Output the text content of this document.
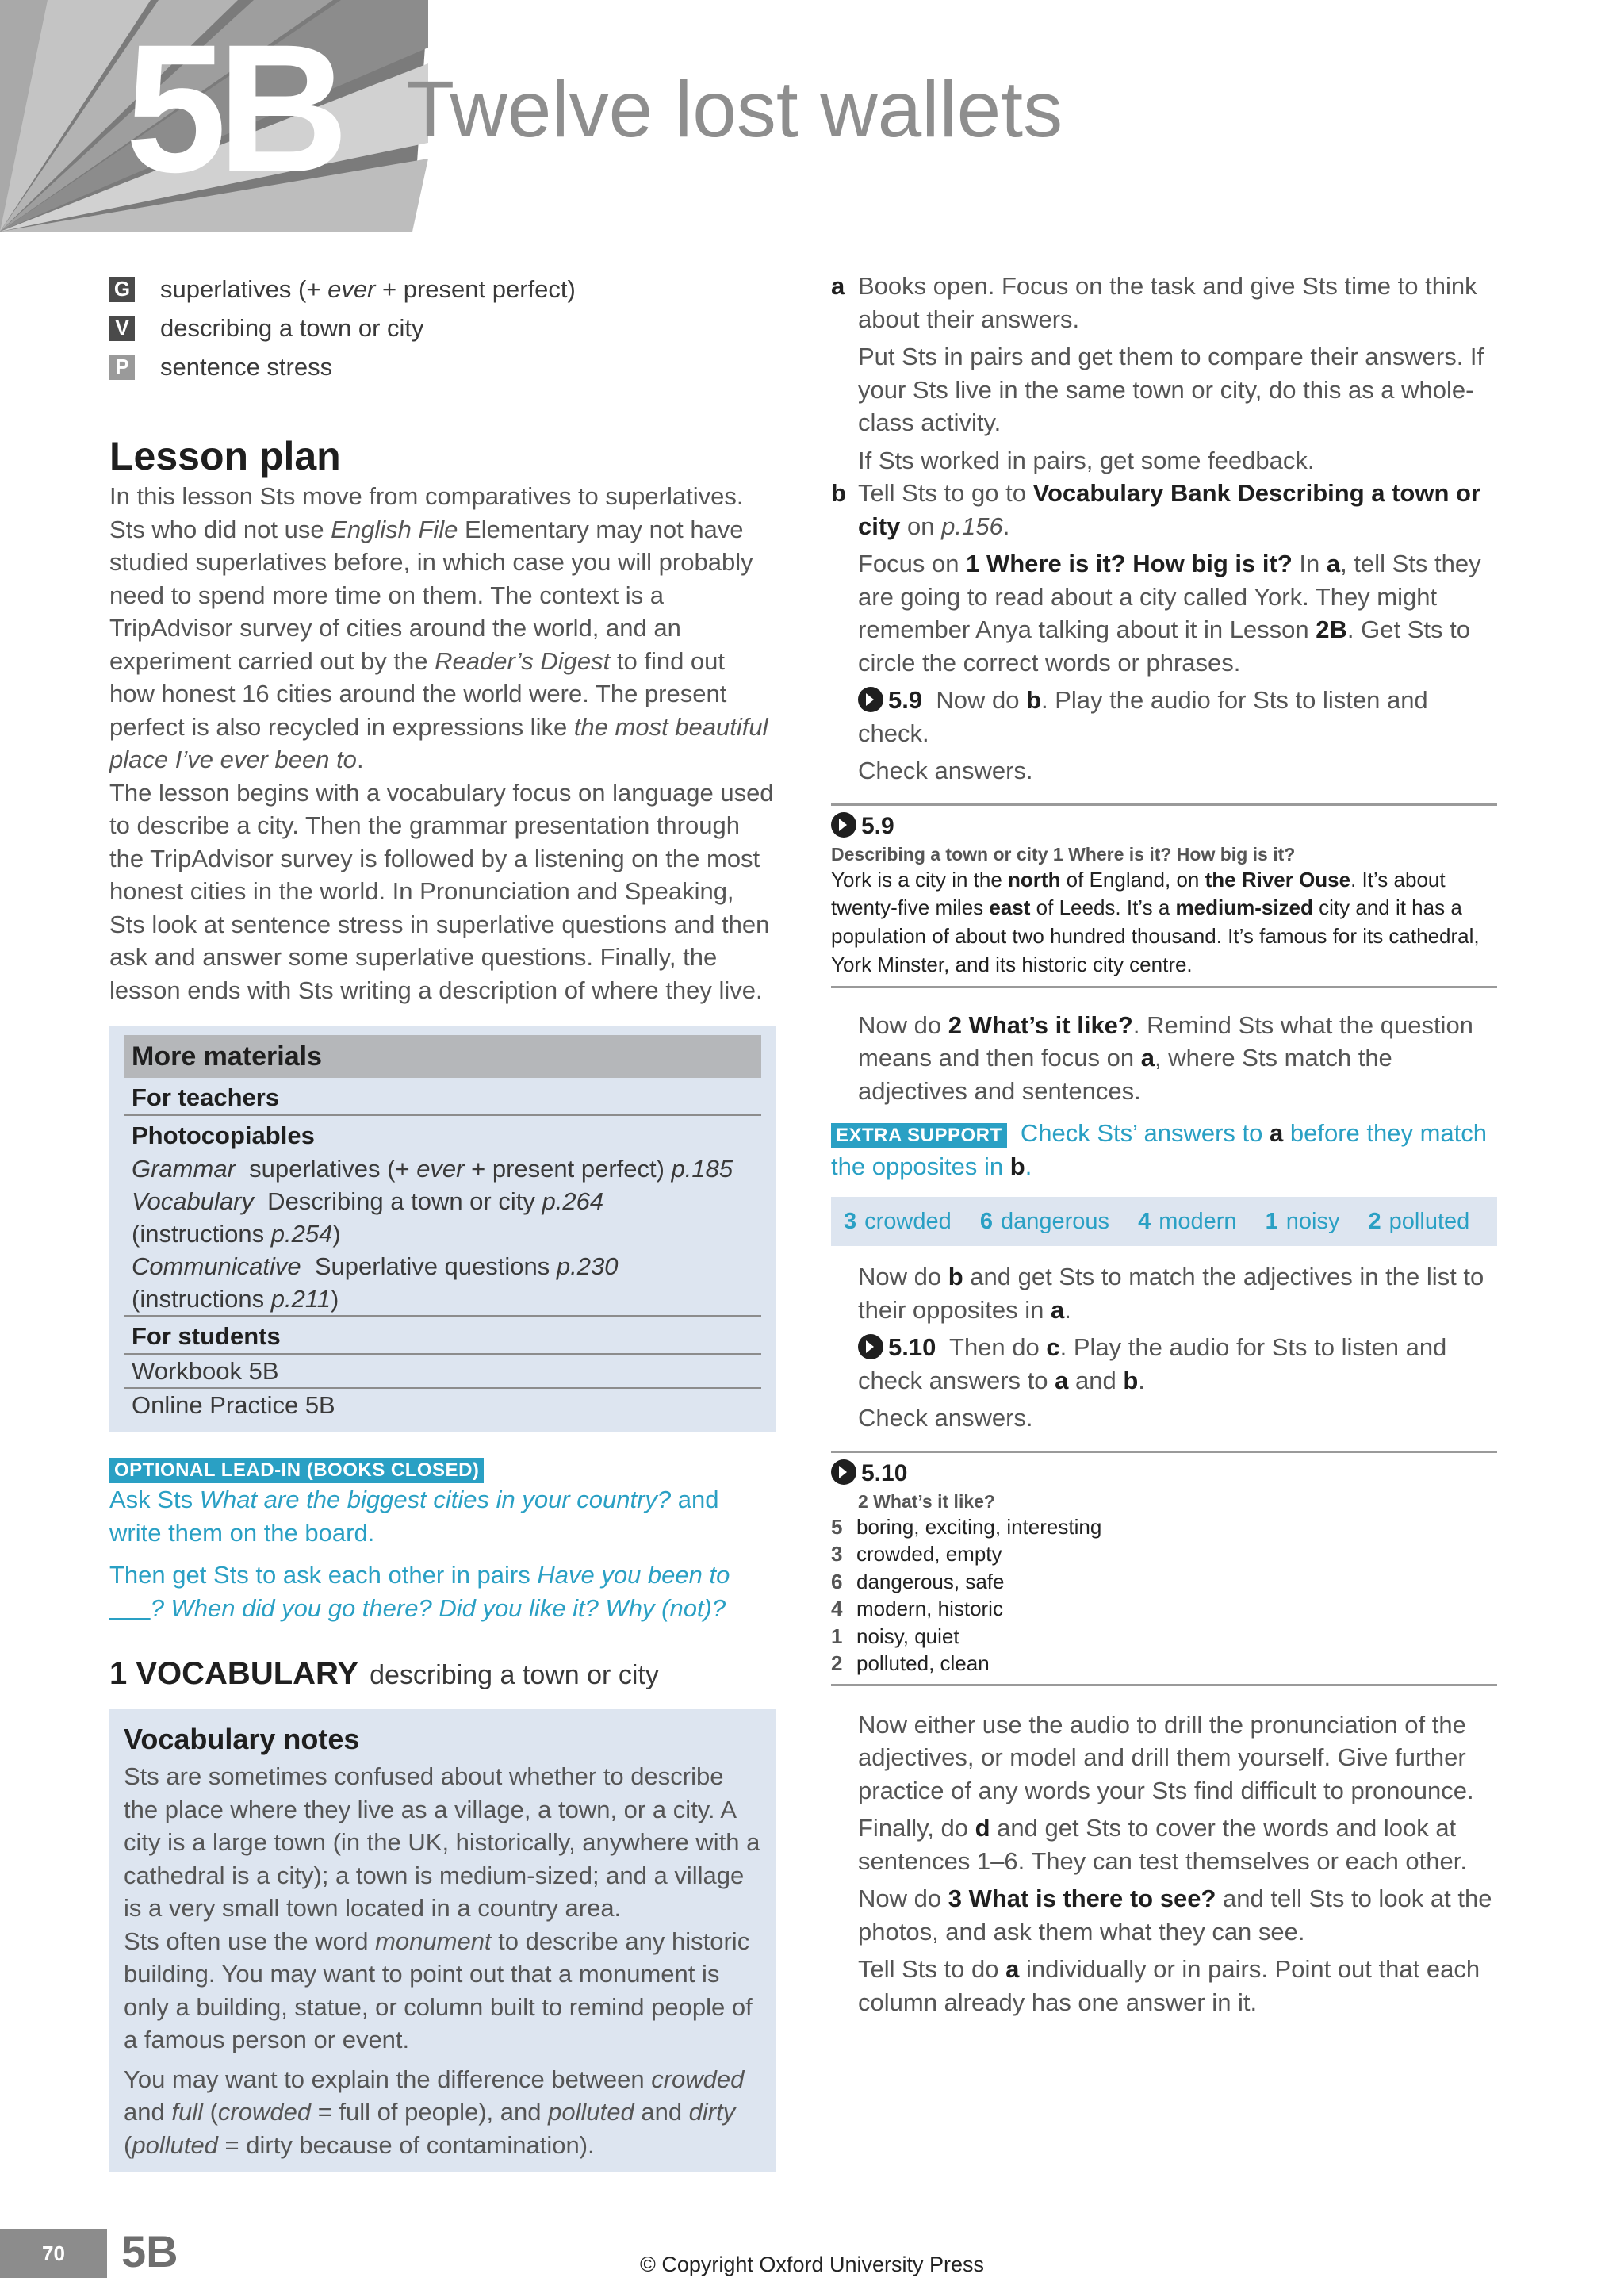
5B Twelve lost wallets
G superlatives (+ ever + present perfect)
V describing a town or city
P sentence stress
Lesson plan

In this lesson Sts move from comparatives to superlatives. Sts who did not use English File Elementary may not have studied superlatives before, in which case you will probably need to spend more time on them. The context is a TripAdvisor survey of cities around the world, and an experiment carried out by the Reader’s Digest to find out how honest 16 cities around the world were. The present perfect is also recycled in expressions like the most beautiful place I’ve ever been to.

The lesson begins with a vocabulary focus on language used to describe a city. Then the grammar presentation through the TripAdvisor survey is followed by a listening on the most honest cities in the world. In Pronunciation and Speaking, Sts look at sentence stress in superlative questions and then ask and answer some superlative questions. Finally, the lesson ends with Sts writing a description of where they live.

More materials
For teachers
Photocopiables
Grammar  superlatives (+ ever + present perfect) p.185
Vocabulary  Describing a town or city p.264
(instructions p.254)
Communicative  Superlative questions p.230
(instructions p.211)
For students
Workbook 5B
Online Practice 5B
OPTIONAL LEAD-IN (BOOKS CLOSED)

Ask Sts What are the biggest cities in your country? and write them on the board.

Then get Sts to ask each other in pairs Have you been to       ? When did you go there? Did you like it? Why (not)?

1 VOCABULARY describing a town or city
Vocabulary notes

Sts are sometimes confused about whether to describe the place where they live as a village, a town, or a city. A city is a large town (in the UK, historically, anywhere with a cathedral is a city); a town is medium-sized; and a village is a very small town located in a country area.

Sts often use the word monument to describe any historic building. You may want to point out that a monument is only a building, statue, or column built to remind people of a famous person or event.

You may want to explain the difference between crowded and full (crowded = full of people), and polluted and dirty (polluted = dirty because of contamination).

a Books open. Focus on the task and give Sts time to think about their answers.

Put Sts in pairs and get them to compare their answers. If your Sts live in the same town or city, do this as a whole-class activity.

If Sts worked in pairs, get some feedback.

b Tell Sts to go to Vocabulary Bank Describing a town or city on p.156.

Focus on 1 Where is it? How big is it? In a, tell Sts they are going to read about a city called York. They might remember Anya talking about it in Lesson 2B. Get Sts to circle the correct words or phrases.

5.9  Now do b. Play the audio for Sts to listen and check.

Check answers.

5.9
Describing a town or city 1 Where is it? How big is it?
York is a city in the north of England, on the River Ouse. It’s about twenty-five miles east of Leeds. It’s a medium-sized city and it has a population of about two hundred thousand. It’s famous for its cathedral, York Minster, and its historic city centre.

Now do 2 What’s it like?. Remind Sts what the question means and then focus on a, where Sts match the adjectives and sentences.

EXTRA SUPPORT Check Sts’ answers to a before they match the opposites in b.

3 crowded 6 dangerous 4 modern 1 noisy 2 polluted

Now do b and get Sts to match the adjectives in the list to their opposites in a.

5.10  Then do c. Play the audio for Sts to listen and check answers to a and b.

Check answers.

5.10
2 What’s it like?
5 boring, exciting, interesting
3 crowded, empty
6 dangerous, safe
4 modern, historic
1 noisy, quiet
2 polluted, clean

Now either use the audio to drill the pronunciation of the adjectives, or model and drill them yourself. Give further practice of any words your Sts find difficult to pronounce.

Finally, do d and get Sts to cover the words and look at sentences 1–6. They can test themselves or each other.

Now do 3 What is there to see? and tell Sts to look at the photos, and ask them what they can see.

Tell Sts to do a individually or in pairs. Point out that each column already has one answer in it.

70	5B	© Copyright Oxford University Press
